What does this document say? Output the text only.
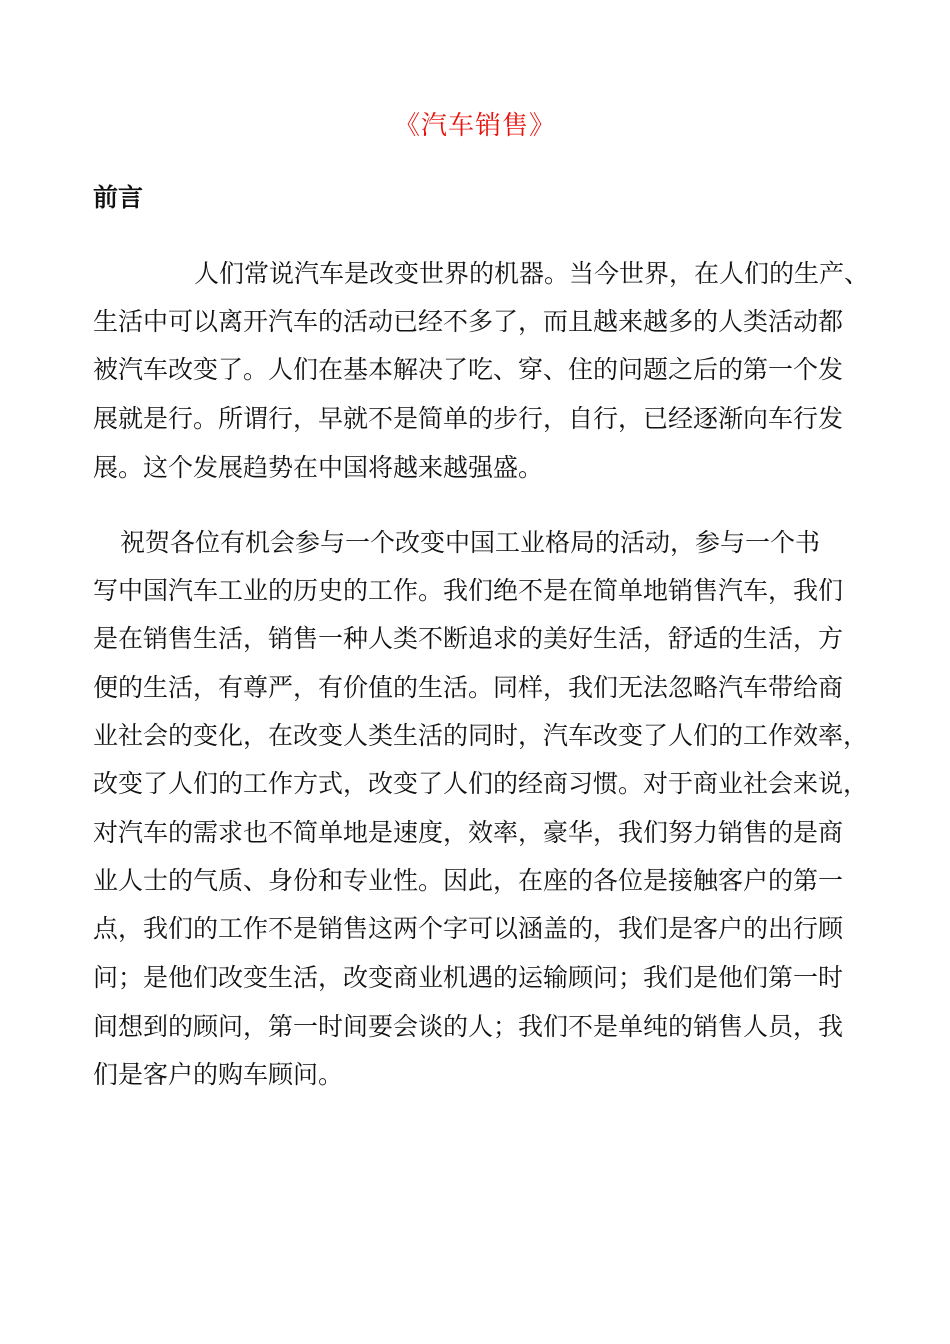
《汽车销售》
前言
人们常说汽车是改变世界的机器。当今世界，在人们的生产、
生活中可以离开汽车的活动已经不多了，而且越来越多的人类活动都
被汽车改变了。人们在基本解决了吃、穿、住的问题之后的第一个发
展就是行。所谓行，早就不是简单的步行，自行，已经逐渐向车行发
展。这个发展趋势在中国将越来越强盛。
祝贺各位有机会参与一个改变中国工业格局的活动，参与一个书
写中国汽车工业的历史的工作。我们绝不是在简单地销售汽车，我们
是在销售生活，销售一种人类不断追求的美好生活，舒适的生活，方
便的生活，有尊严，有价值的生活。同样，我们无法忽略汽车带给商
业社会的变化，在改变人类生活的同时，汽车改变了人们的工作效率，
改变了人们的工作方式，改变了人们的经商习惯。对于商业社会来说，
对汽车的需求也不简单地是速度，效率，豪华，我们努力销售的是商
业人士的气质、身份和专业性。因此，在座的各位是接触客户的第一
点，我们的工作不是销售这两个字可以涵盖的，我们是客户的出行顾
问；是他们改变生活，改变商业机遇的运输顾问；我们是他们第一时
间想到的顾问，第一时间要会谈的人；我们不是单纯的销售人员，我
们是客户的购车顾问。
